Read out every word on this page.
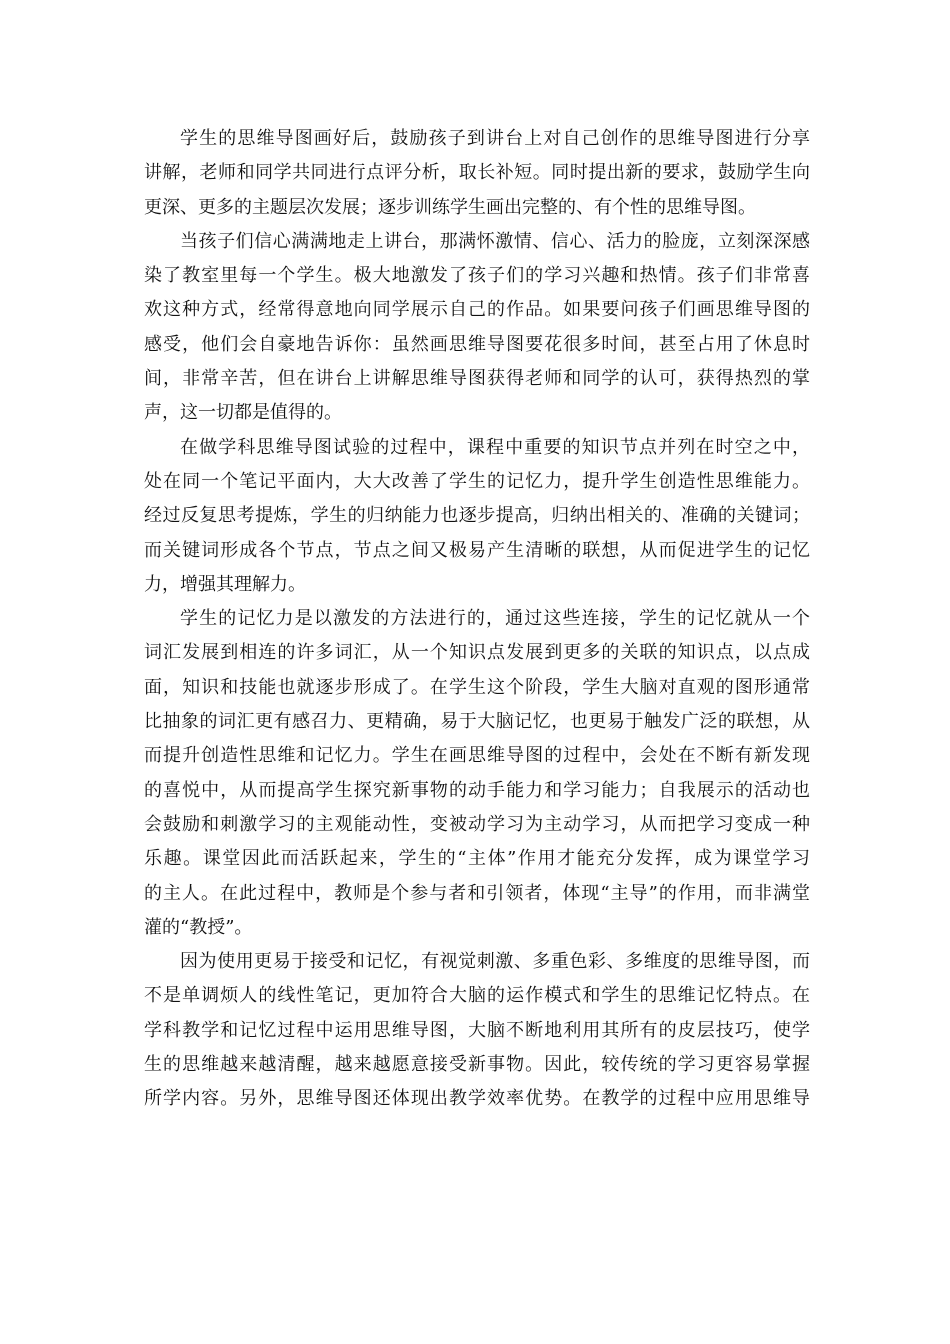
学生的思维导图画好后，鼓励孩子到讲台上对自己创作的思维导图进行分享
讲解，老师和同学共同进行点评分析，取长补短。同时提出新的要求，鼓励学生向
更深、更多的主题层次发展；逐步训练学生画出完整的、有个性的思维导图。
当孩子们信心满满地走上讲台，那满怀激情、信心、活力的脸庞，立刻深深感
染了教室里每一个学生。极大地激发了孩子们的学习兴趣和热情。孩子们非常喜
欢这种方式，经常得意地向同学展示自己的作品。如果要问孩子们画思维导图的
感受，他们会自豪地告诉你：虽然画思维导图要花很多时间，甚至占用了休息时
间，非常辛苦，但在讲台上讲解思维导图获得老师和同学的认可，获得热烈的掌
声，这一切都是值得的。
在做学科思维导图试验的过程中，课程中重要的知识节点并列在时空之中，
处在同一个笔记平面内，大大改善了学生的记忆力，提升学生创造性思维能力。
经过反复思考提炼，学生的归纳能力也逐步提高，归纳出相关的、准确的关键词；
而关键词形成各个节点，节点之间又极易产生清晰的联想，从而促进学生的记忆
力，增强其理解力。
学生的记忆力是以激发的方法进行的，通过这些连接，学生的记忆就从一个
词汇发展到相连的许多词汇，从一个知识点发展到更多的关联的知识点，以点成
面，知识和技能也就逐步形成了。在学生这个阶段，学生大脑对直观的图形通常
比抽象的词汇更有感召力、更精确，易于大脑记忆，也更易于触发广泛的联想，从
而提升创造性思维和记忆力。学生在画思维导图的过程中，会处在不断有新发现
的喜悦中，从而提高学生探究新事物的动手能力和学习能力；自我展示的活动也
会鼓励和刺激学习的主观能动性，变被动学习为主动学习，从而把学习变成一种
乐趣。课堂因此而活跃起来，学生的“主体”作用才能充分发挥，成为课堂学习
的主人。在此过程中，教师是个参与者和引领者，体现“主导”的作用，而非满堂
灌的“教授”。
因为使用更易于接受和记忆，有视觉刺激、多重色彩、多维度的思维导图，而
不是单调烦人的线性笔记，更加符合大脑的运作模式和学生的思维记忆特点。在
学科教学和记忆过程中运用思维导图，大脑不断地利用其所有的皮层技巧，使学
生的思维越来越清醒，越来越愿意接受新事物。因此，较传统的学习更容易掌握
所学内容。另外，思维导图还体现出教学效率优势。在教学的过程中应用思维导
